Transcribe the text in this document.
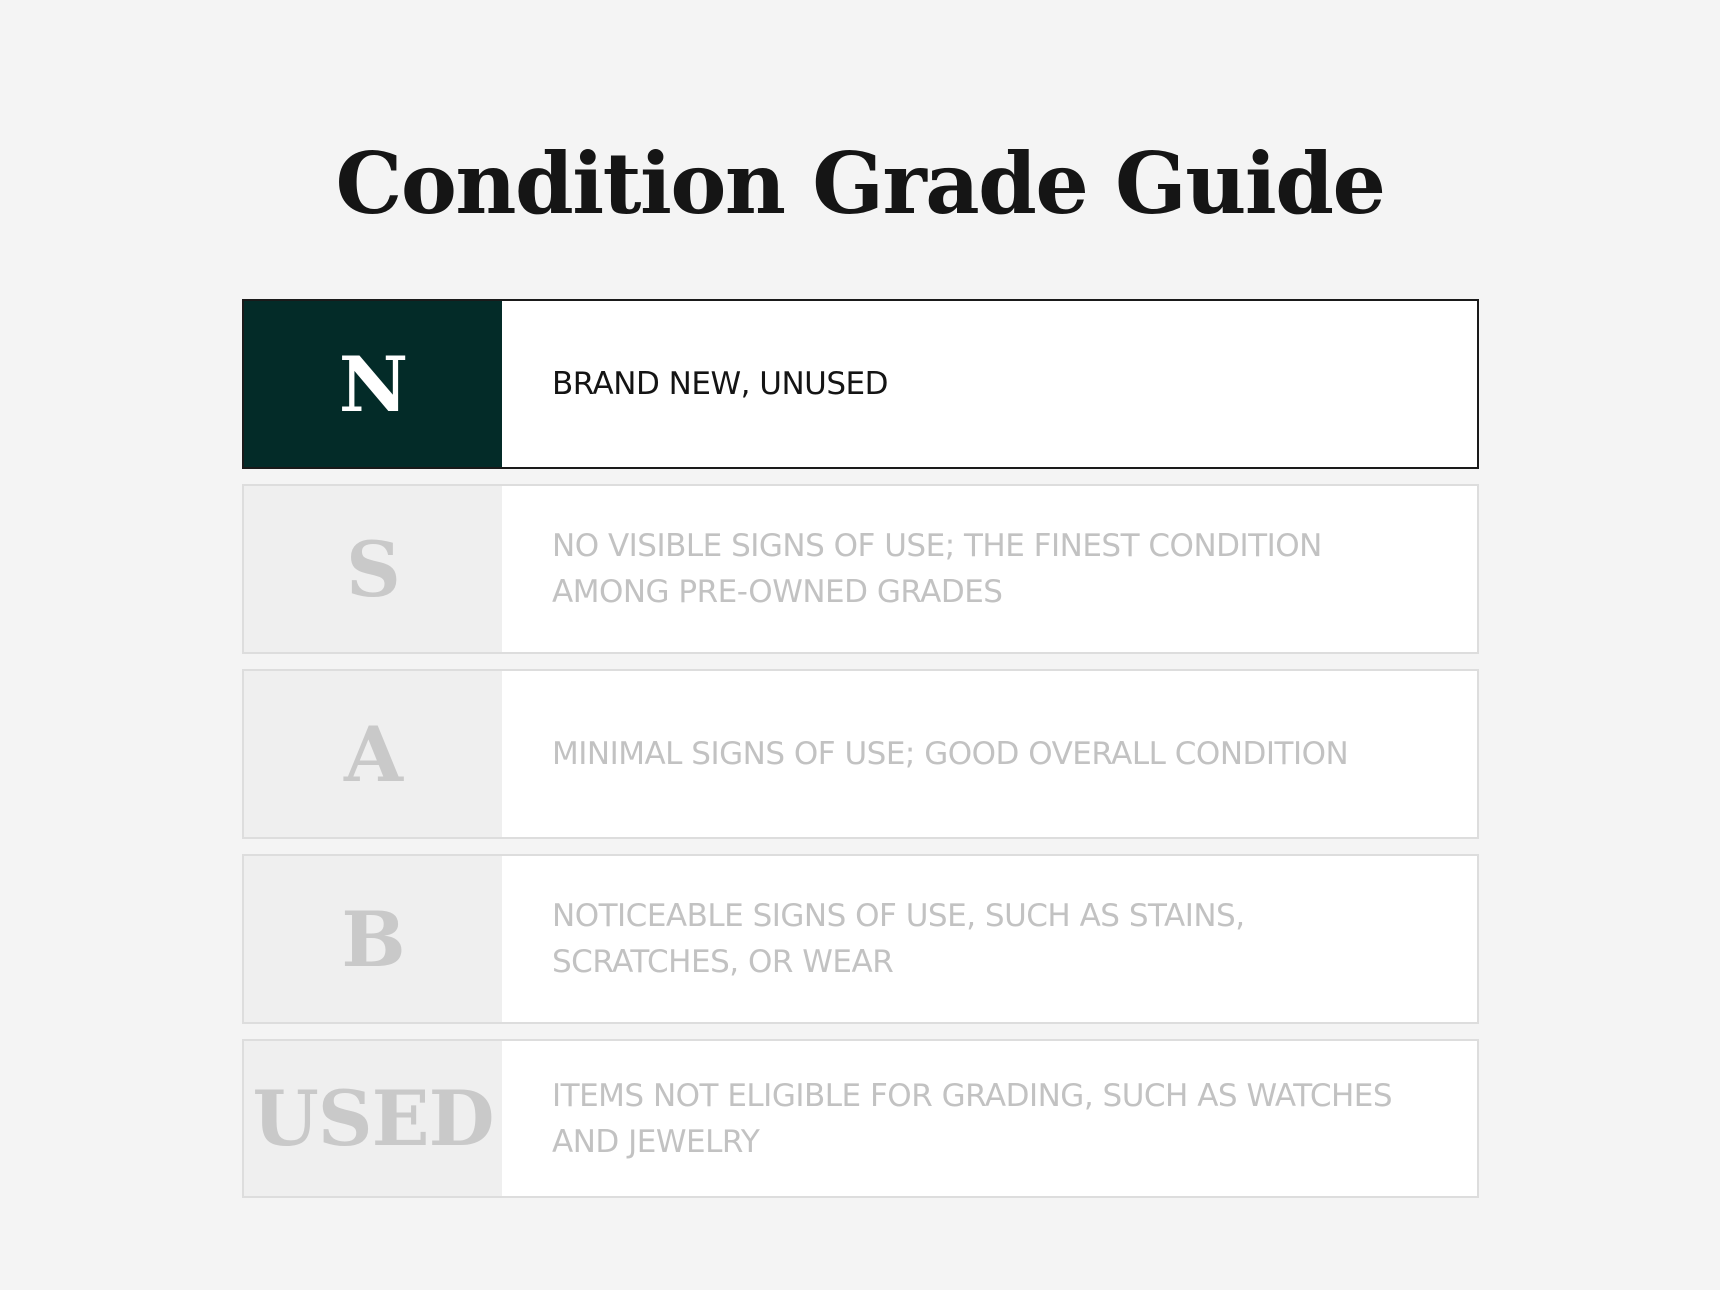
Condition Grade Guide
N	BRAND NEW, UNUSED
S	NO VISIBLE SIGNS OF USE; THE FINEST CONDITION AMONG PRE-OWNED GRADES
A	MINIMAL SIGNS OF USE; GOOD OVERALL CONDITION
B	NOTICEABLE SIGNS OF USE, SUCH AS STAINS, SCRATCHES, OR WEAR
USED	ITEMS NOT ELIGIBLE FOR GRADING, SUCH AS WATCHES AND JEWELRY
